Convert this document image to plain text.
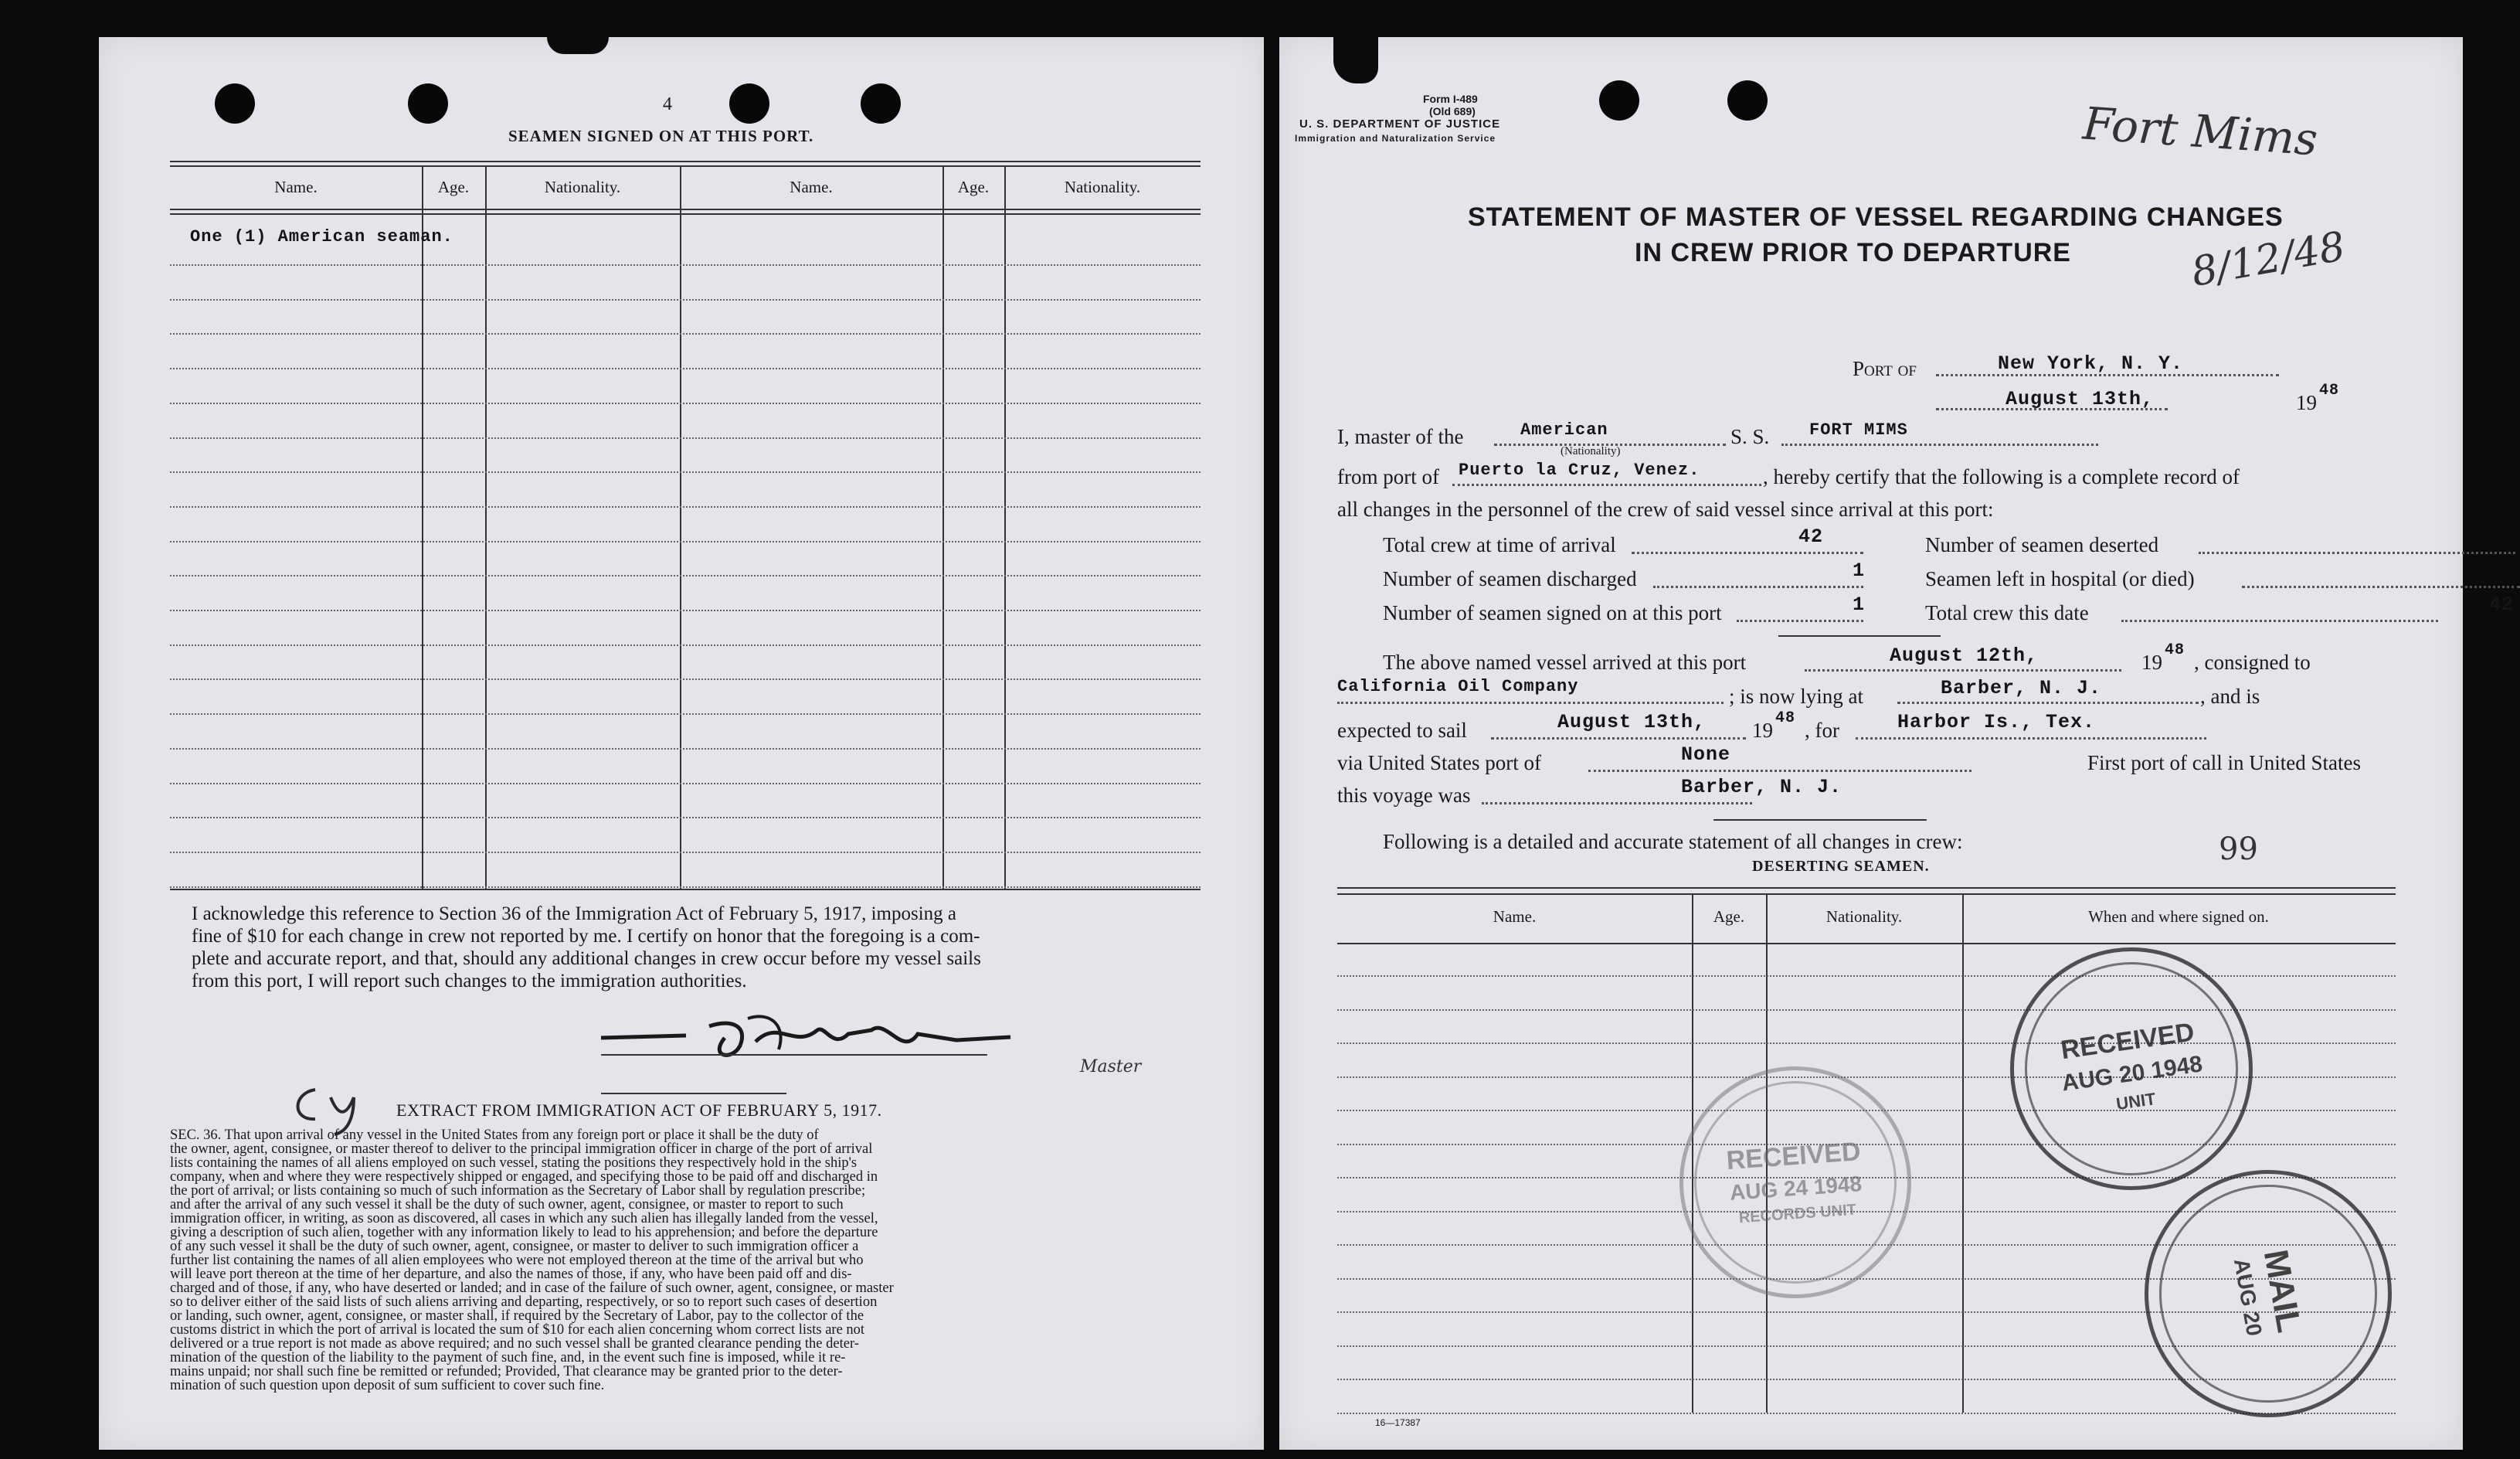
4
SEAMEN SIGNED ON AT THIS PORT.
Name.	Age.	Nationality.	Name.	Age.	Nationality.
One (1) American seaman.
I acknowledge this reference to Section 36 of the Immigration Act of February 5, 1917, imposing a
fine of $10 for each change in crew not reported by me. I certify on honor that the foregoing is a com-
plete and accurate report, and that, should any additional changes in crew occur before my vessel sails
from this port, I will report such changes to the immigration authorities.
Master
EXTRACT FROM IMMIGRATION ACT OF FEBRUARY 5, 1917.
SEC. 36. That upon arrival of any vessel in the United States from any foreign port or place it shall be the duty of
the owner, agent, consignee, or master thereof to deliver to the principal immigration officer in charge of the port of arrival
lists containing the names of all aliens employed on such vessel, stating the positions they respectively hold in the ship's
company, when and where they were respectively shipped or engaged, and specifying those to be paid off and discharged in
the port of arrival; or lists containing so much of such information as the Secretary of Labor shall by regulation prescribe;
and after the arrival of any such vessel it shall be the duty of such owner, agent, consignee, or master to report to such
immigration officer, in writing, as soon as discovered, all cases in which any such alien has illegally landed from the vessel,
giving a description of such alien, together with any information likely to lead to his apprehension; and before the departure
of any such vessel it shall be the duty of such owner, agent, consignee, or master to deliver to such immigration officer a
further list containing the names of all alien employees who were not employed thereon at the time of the arrival but who
will leave port thereon at the time of her departure, and also the names of those, if any, who have been paid off and dis-
charged and of those, if any, who have deserted or landed; and in case of the failure of such owner, agent, consignee, or master
so to deliver either of the said lists of such aliens arriving and departing, respectively, or so to report such cases of desertion
or landing, such owner, agent, consignee, or master shall, if required by the Secretary of Labor, pay to the collector of the
customs district in which the port of arrival is located the sum of $10 for each alien concerning whom correct lists are not
delivered or a true report is not made as above required; and no such vessel shall be granted clearance pending the deter-
mination of the question of the liability to the payment of such fine, and, in the event such fine is imposed, while it re-
mains unpaid; nor shall such fine be remitted or refunded; Provided, That clearance may be granted prior to the deter-
mination of such question upon deposit of sum sufficient to cover such fine.
Form I-489
(Old 689)
U. S. DEPARTMENT OF JUSTICE
Immigration and Naturalization Service	Fort Mims
8/12/48
STATEMENT OF MASTER OF VESSEL REGARDING CHANGES
IN CREW PRIOR TO DEPARTURE
Port of	New York, N. Y.
August 13th,	19
48
I, master of the	American
(Nationality)
S. S. FORT MIMS
from port of Puerto la Cruz, Venez.	, hereby certify that the following is a complete record of
all changes in the personnel of the crew of said vessel since arrival at this port:
Total crew at time of arrival	42	Number of seamen deserted
Number of seamen discharged	1	Seamen left in hospital (or died)
Number of seamen signed on at this port	1	Total crew this date	42
The above named vessel arrived at this port	August 12th,	19
48
, consigned to
California Oil Company	; is now lying at	Barber, N. J.	, and is
expected to sail	August 13th, 19
48
, for	Harbor Is., Tex.
via United States port of	None	First port of call in United States
this voyage was	Barber, N. J.
Following is a detailed and accurate statement of all changes in crew:	99
DESERTING SEAMEN.
Name.	Age.	Nationality.	When and where signed on.
RECEIVED
AUG 24 1948
RECORDS UNIT
RECEIVED
AUG 20 1948
UNIT
MAIL
AUG 20
16—17387
